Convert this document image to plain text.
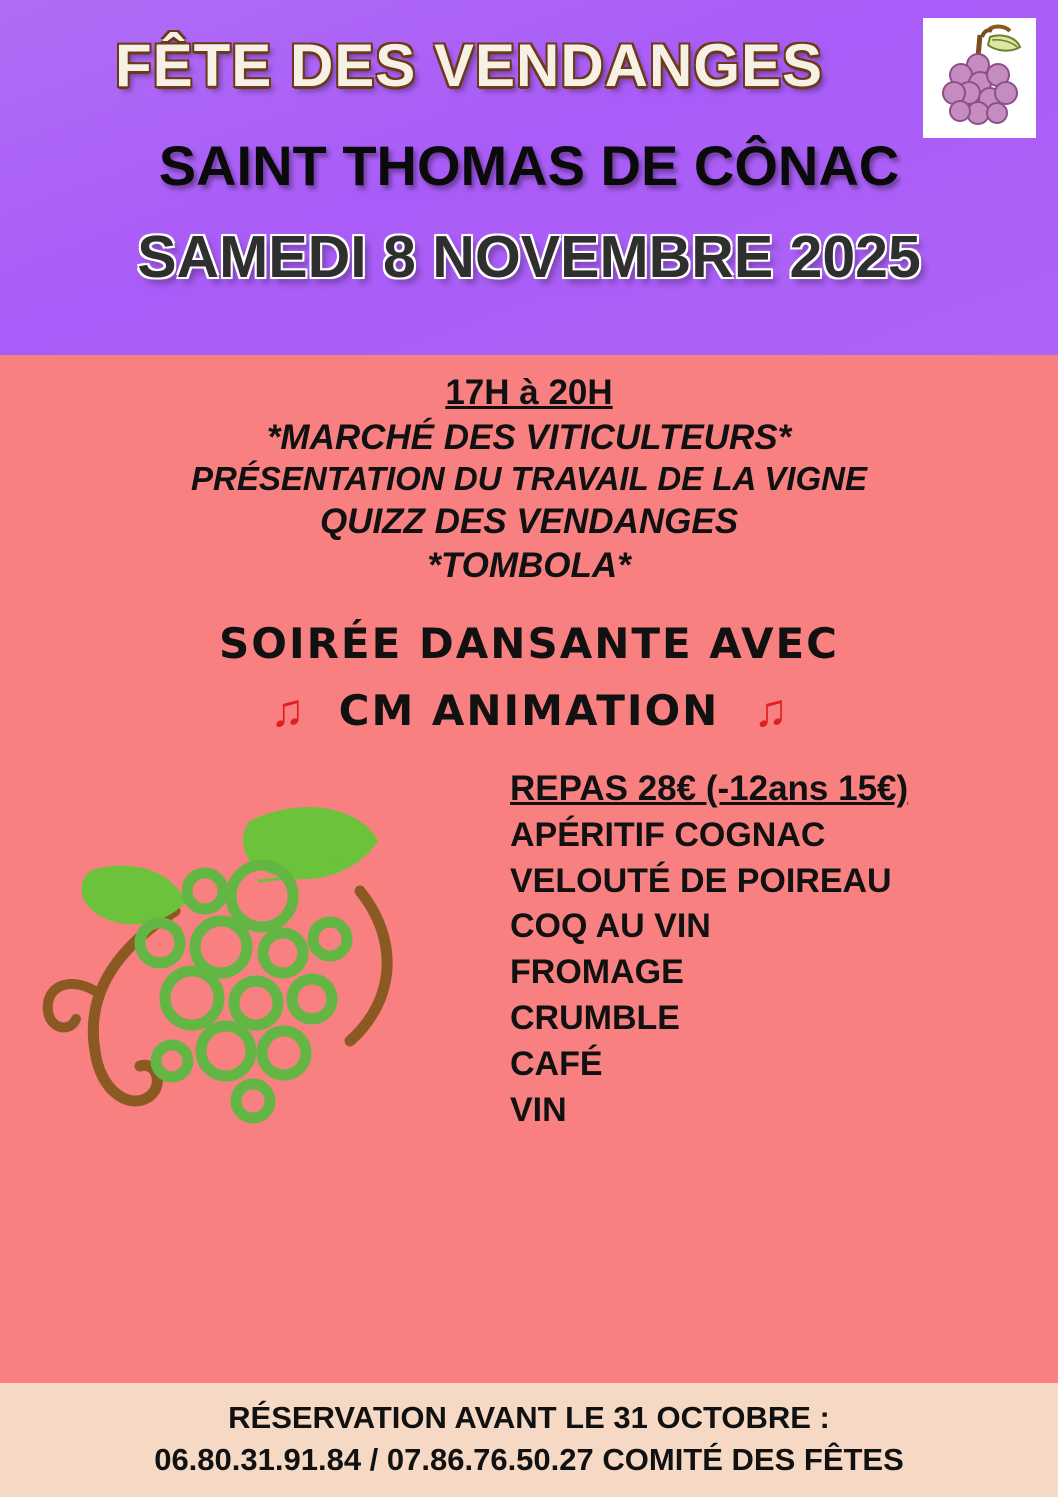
FÊTE DES VENDANGES
SAINT THOMAS DE CÔNAC
SAMEDI 8 NOVEMBRE 2025
17H à 20H
*MARCHÉ DES VITICULTEURS*
PRÉSENTATION DU TRAVAIL DE LA VIGNE
QUIZZ DES VENDANGES
*TOMBOLA*
SOIRÉE DANSANTE AVEC
♫ CM ANIMATION ♫
REPAS 28€ (-12ans 15€)
APÉRITIF COGNAC
VELOUTÉ DE POIREAU
COQ AU VIN
FROMAGE
CRUMBLE
CAFÉ
VIN
RÉSERVATION AVANT LE 31 OCTOBRE :
06.80.31.91.84 / 07.86.76.50.27 COMITÉ DES FÊTES
